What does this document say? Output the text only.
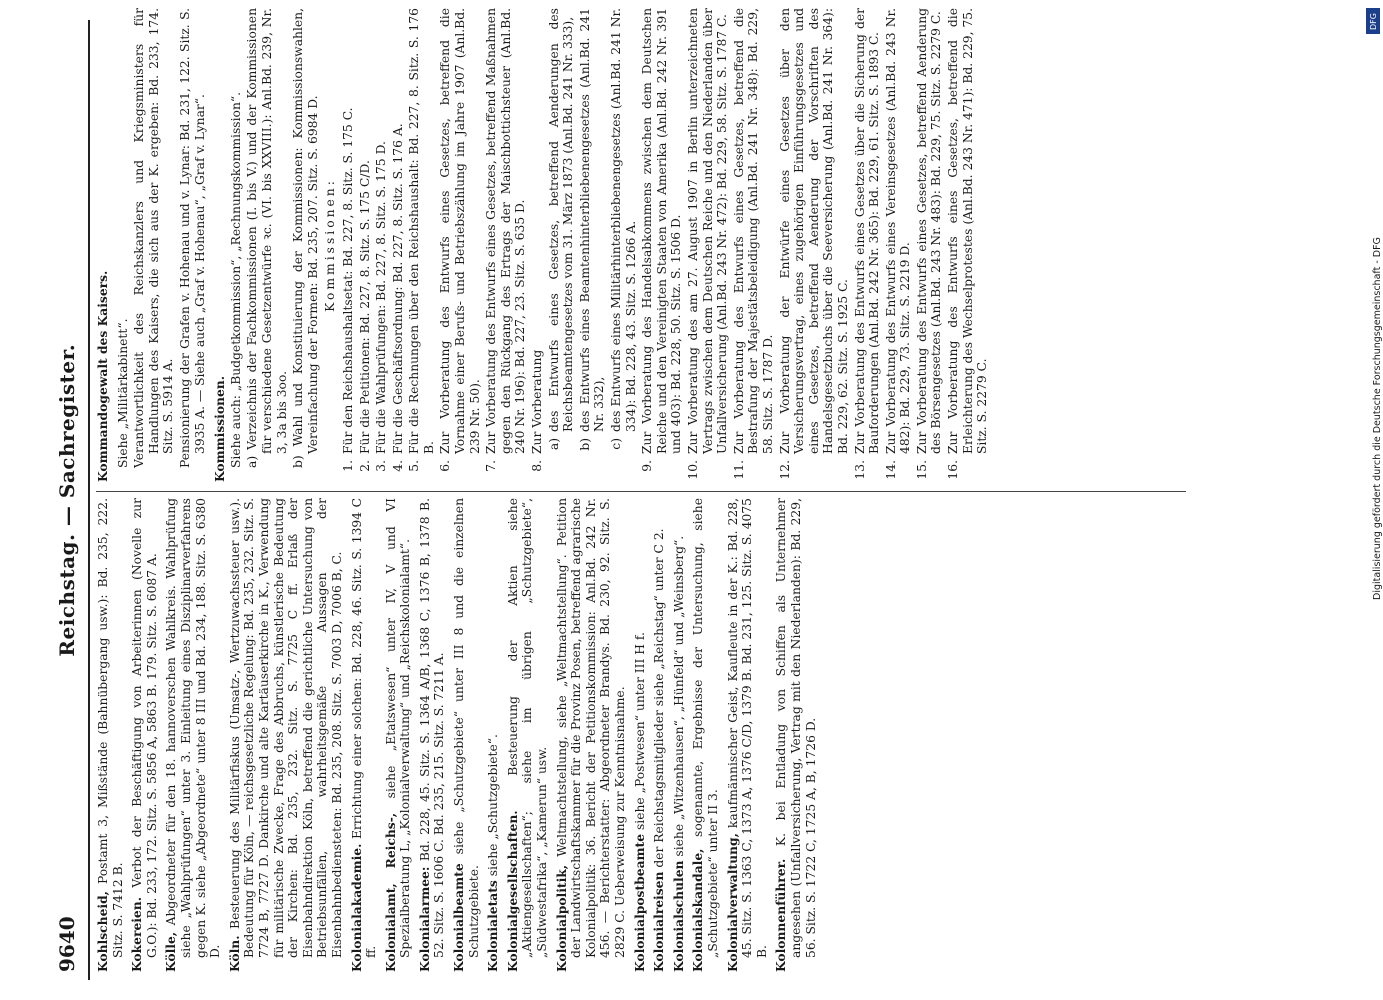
9640
Reichstag. — Sachregister.
Kohlscheid, Postamt 3, Mißstände (Bahnübergang usw.): Bd. 235, 222. Sitz. S. 7412 B. Kokereien. Verbot der Beschäftigung von Arbeiterinnen (Novelle zur G.O.): Bd. 233, 172. Sitz. S. 5856 A, 5863 B. 179. Sitz. S. 6087 A. Kölle, Abgeordneter für den 18. hannoverschen Wahlkreis. Wahlprüfung siehe „Wahlprüfungen“ unter 3. Einleitung eines Disziplinarverfahrens gegen K. siehe „Abgeordnete“ unter 8 III und Bd. 234, 188. Sitz. S. 6380 D. Köln. Besteuerung des Militärfiskus (Umsatz-, Wertzuwachssteuer usw.). Bedeutung für Köln, — reichsgesetzliche Regelung: Bd. 235, 232. Sitz. S. 7724 B, 7727 D. Dankirche und alte Kartäuserkirche in K., Verwendung für militärische Zwecke, Frage des Abbruchs, künstlerische Bedeutung der Kirchen: Bd. 235, 232. Sitz. S. 7725 C ff. Erlaß der Eisenbahndirektion Köln, betreffend die gerichtliche Untersuchung von Betriebsunfällen, wahrheitsgemäße Aussagen der Eisenbahnbediensteten: Bd. 235, 208. Sitz. S. 7003 D, 7006 B, C. Kolonialakademie. Errichtung einer solchen: Bd. 228, 46. Sitz. S. 1394 C ff. Kolonialamt, Reichs-, siehe „Etatswesen“ unter IV, V und VI Spezialberatung L, „Kolonialverwaltung“ und „Reichskolonialamt“. Kolonialarmee: Bd. 228, 45. Sitz. S. 1364 A/B, 1368 C, 1376 B, 1378 B. 52. Sitz. S. 1606 C. Bd. 235, 215. Sitz. S. 7211 A. Kolonialbeamte siehe „Schutzgebiete“ unter III 8 und die einzelnen Schutzgebiete. Kolonialetats siehe „Schutzgebiete“.
Kolonialgesellschaften. Besteuerung der Aktien siehe „Aktiengesellschaften“; siehe im übrigen „Schutzgebiete“, „Südwestafrika“, „Kamerun“ usw. Kolonialpolitik, Weltmachtstellung, siehe „Weltmachtstellung“. Petition der Landwirtschaftskammer für die Provinz Posen, betreffend agrarische Kolonialpolitik: 36. Bericht der Petitionskommission: Anl.Bd. 242 Nr. 456. — Berichterstatter: Abgeordneter Brandys. Bd. 230, 92. Sitz. S. 2829 C. Ueberweisung zur Kenntnisnahme. Kolonialpostbeamte siehe „Postwesen“ unter III H f.
Kolonialreisen der Reichstagsmitglieder siehe „Reichstag“ unter C 2.
Kolonialschulen siehe „Witzenhausen“, „Hünfeld“ und „Weinsberg“.
Kolonialskandale, sogenannte, Ergebnisse der Untersuchung, siehe „Schutzgebiete“ unter II 3. Kolonialverwaltung, kaufmännischer Geist, Kaufleute in der K.: Bd. 228, 45. Sitz. S. 1363 C, 1373 A, 1376 C/D, 1379 B. Bd. 231, 125. Sitz. S. 4075 B. Kolonnenführer. K. bei Entladung von Schiffen als Unternehmer angesehen (Unfallversicherung, Vertrag mit den Niederlanden): Bd. 229, 56. Sitz. S. 1722 C, 1725 A, B, 1726 D.
Kommandogewalt des Kaisers. Siehe „Militärkabinett“. Verantwortlichkeit des Reichskanzlers und Kriegsministers für Handlungen des Kaisers, die sich aus der K. ergeben: Bd. 233, 174. Sitz. S. 5914 A. Pensionierung der Grafen v. Hohenau und v. Lynar: Bd. 231, 122. Sitz. S. 3935 A. — Siehe auch „Graf v. Hohenau“, „Graf v. Lynar“. Kommissionen. Siehe auch: „Budgetkommission“, „Rechnungskommission“. a) Verzeichnis der Fachkommissionen (I. bis V.) und der Kommissionen für verschiedene Gesetzentwürfe ꝛc. (VI. bis XXVIII.): Anl.Bd. 239, Nr. 3, 3a bis 3oo. b) Wahl und Konstituierung der Kommissionen: Kommissionswahlen, Vereinfachung der Formen: Bd. 235, 207. Sitz. S. 6984 D. Kommissionen:
1.
Für den Reichshaushaltsetat: Bd. 227, 8. Sitz. S. 175 C.
2.
Für die Petitionen: Bd. 227, 8. Sitz. S. 175 C/D.
3.
Für die Wahlprüfungen: Bd. 227, 8. Sitz. S. 175 D.
4.
Für die Geschäftsordnung: Bd. 227, 8. Sitz. S. 176 A.
5.
Für die Rechnungen über den Reichshaushalt: Bd. 227, 8. Sitz. S. 176 B.
6.
Zur Vorberatung des Entwurfs eines Gesetzes, betreffend die Vornahme einer Berufs- und Betriebszählung im Jahre 1907 (Anl.Bd. 239 Nr. 50).
7.
Zur Vorberatung des Entwurfs eines Gesetzes, betreffend Maßnahmen gegen den Rückgang des Ertrags der Maischbottichsteuer (Anl.Bd. 240 Nr. 196): Bd. 227, 23. Sitz. S. 635 D.
8.
Zur Vorberatung a)
des Entwurfs eines Gesetzes, betreffend Aenderungen des Reichsbeamtengesetzes vom 31. März 1873 (Anl.Bd. 241 Nr. 333),
b)
des Entwurfs eines Beamtenhinterbliebenengesetzes (Anl.Bd. 241 Nr. 332),
c)
des Entwurfs eines Militärhinterbliebenengesetzes (Anl.Bd. 241 Nr. 334): Bd. 228, 43. Sitz. S. 1266 A.
9.
Zur Vorberatung des Handelsabkommens zwischen dem Deutschen Reiche und den Vereinigten Staaten von Amerika (Anl.Bd. 242 Nr. 391 und 403): Bd. 228, 50. Sitz. S. 1506 D.
10.
Zur Vorberatung des am 27. August 1907 in Berlin unterzeichneten Vertrags zwischen dem Deutschen Reiche und den Niederlanden über Unfallversicherung (Anl.Bd. 243 Nr. 472): Bd. 229, 58. Sitz. S. 1787 C.
11.
Zur Vorberatung des Entwurfs eines Gesetzes, betreffend die Bestrafung der Majestätsbeleidigung (Anl.Bd. 241 Nr. 348): Bd. 229, 58. Sitz. S. 1787 D.
12.
Zur Vorberatung der Entwürfe eines Gesetzes über den Versicherungsvertrag, eines zugehörigen Einführungsgesetzes und eines Gesetzes, betreffend Aenderung der Vorschriften des Handelsgesetzbuchs über die Seeversicherung (Anl.Bd. 241 Nr. 364): Bd. 229, 62. Sitz. S. 1925 C.
13.
Zur Vorberatung des Entwurfs eines Gesetzes über die Sicherung der Bauforderungen (Anl.Bd. 242 Nr. 365): Bd. 229, 61. Sitz. S. 1893 C.
14.
Zur Vorberatung des Entwurfs eines Vereinsgesetzes (Anl.Bd. 243 Nr. 482): Bd. 229, 73. Sitz. S. 2219 D.
15.
Zur Vorberatung des Entwurfs eines Gesetzes, betreffend Aenderung des Börsengesetzes (Anl.Bd. 243 Nr. 483): Bd. 229, 75. Sitz. S. 2279 C.
16.
Zur Vorberatung des Entwurfs eines Gesetzes, betreffend die Erleichterung des Wechselprotestes (Anl.Bd. 243 Nr. 471): Bd. 229, 75. Sitz. S. 2279 C.
DFG
Digitalisierung gefördert durch die Deutsche Forschungsgemeinschaft - DFG
